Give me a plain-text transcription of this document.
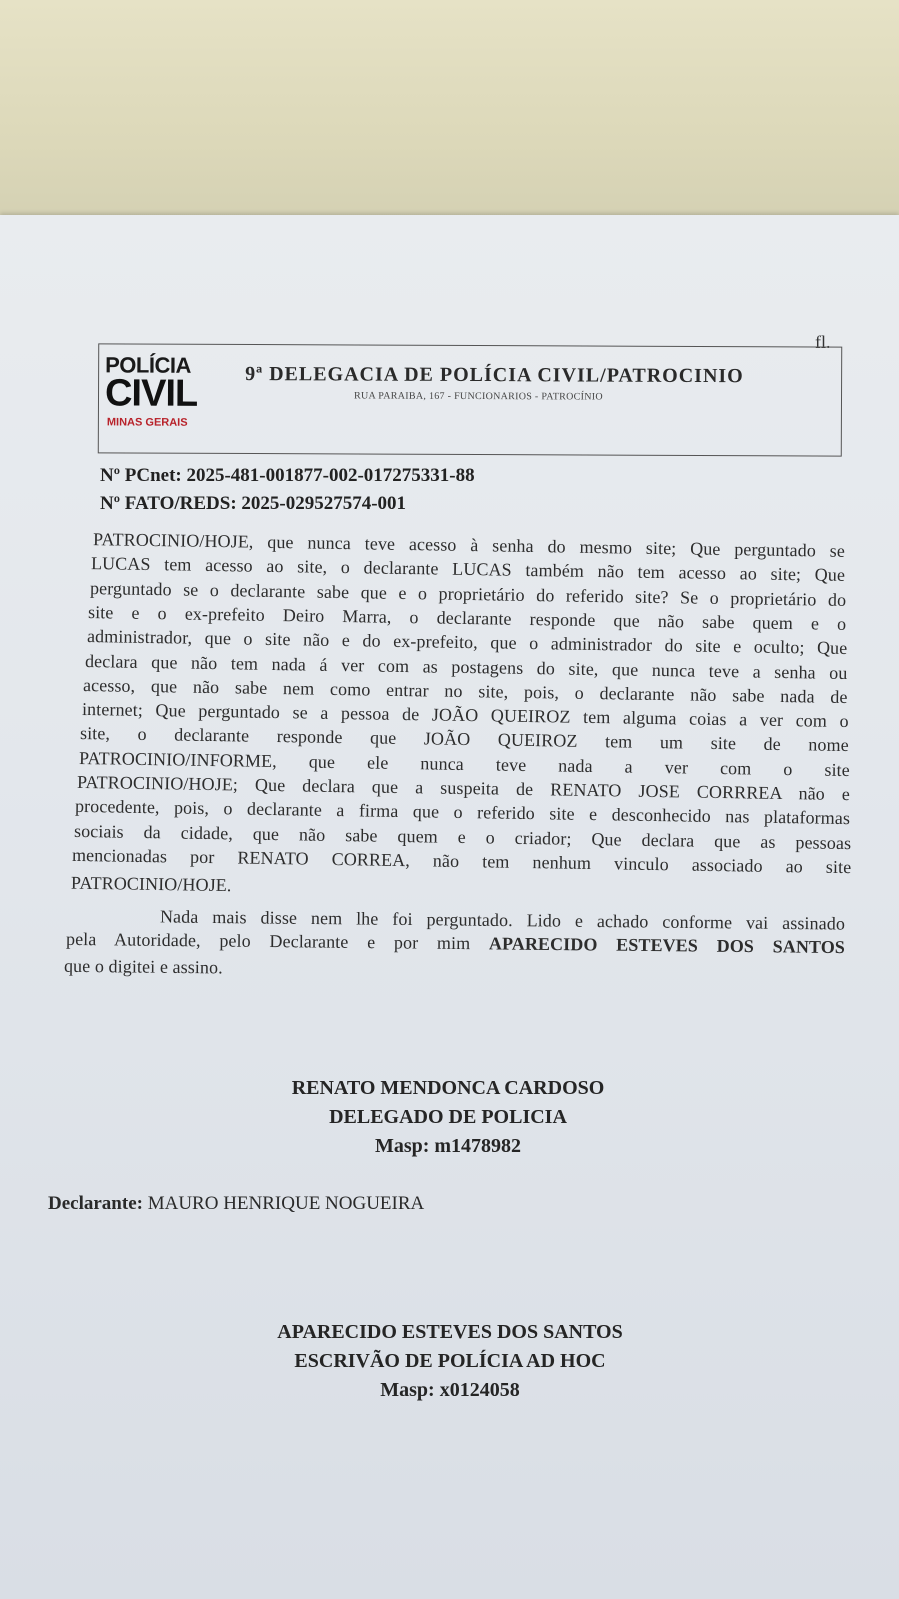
fl.
POLÍCIA
CIVIL
MINAS GERAIS
9ª DELEGACIA DE POLÍCIA CIVIL/PATROCINIO
RUA PARAIBA, 167 - FUNCIONARIOS - PATROCÍNIO
Nº PCnet: 2025-481-001877-002-017275331-88
Nº FATO/REDS: 2025-029527574-001
PATROCINIO/HOJE, que nunca teve acesso à senha do mesmo site; Que perguntado se
LUCAS tem acesso ao site, o declarante LUCAS também não tem acesso ao site; Que
perguntado se o declarante sabe que e o proprietário do referido site? Se o proprietário do
site e o ex-prefeito Deiro Marra, o declarante responde que não sabe quem e o
administrador, que o site não e do ex-prefeito, que o administrador do site e oculto; Que
declara que não tem nada á ver com as postagens do site, que nunca teve a senha ou
acesso, que não sabe nem como entrar no site, pois, o declarante não sabe nada de
internet; Que perguntado se a pessoa de JOÃO QUEIROZ tem alguma coias a ver com o
site, o declarante responde que JOÃO QUEIROZ tem um site de nome
PATROCINIO/INFORME, que ele nunca teve nada a ver com o site
PATROCINIO/HOJE; Que declara que a suspeita de RENATO JOSE CORRREA não e
procedente, pois, o declarante a firma que o referido site e desconhecido nas plataformas
sociais da cidade, que não sabe quem e o criador; Que declara que as pessoas
mencionadas por RENATO CORREA, não tem nenhum vinculo associado ao site
PATROCINIO/HOJE.
Nada mais disse nem lhe foi perguntado. Lido e achado conforme vai assinado
pela Autoridade, pelo Declarante e por mim APARECIDO ESTEVES DOS SANTOS
que o digitei e assino.
RENATO MENDONCA CARDOSO
DELEGADO DE POLICIA
Masp: m1478982
Declarante: MAURO HENRIQUE NOGUEIRA
APARECIDO ESTEVES DOS SANTOS
ESCRIVÃO DE POLÍCIA AD HOC
Masp: x0124058
